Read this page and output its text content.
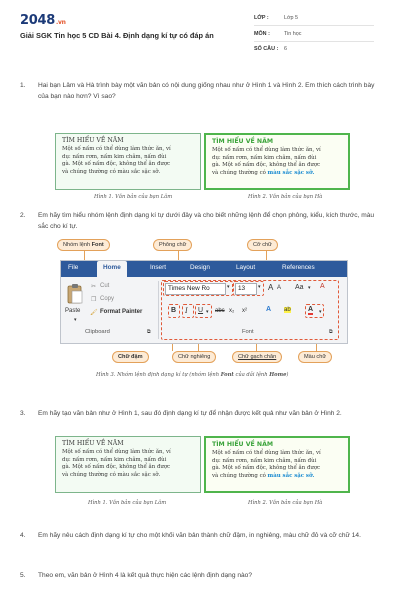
2048.vn
Giải SGK Tin học 5 CD Bài 4. Định dạng kí tự có đáp án
LỚP :	Lớp 5
MÔN :	Tin học
SỐ CÂU : 6
1. Hai bạn Lâm và Hà trình bày một văn bản có nội dung giống nhau như ở Hình 1 và Hình 2. Em thích cách trình bày của bạn nào hơn? Vì sao?
TÌM HIỂU VỀ NĂM
Một số nấm có thể dùng làm thức ăn, ví
dụ: nấm rơm, nấm kim châm, nấm đùi
gà. Một số nấm độc, không thể ăn được
và chúng thường có màu sắc sặc sỡ.
TÌM HIỂU VỀ NĂM
Một số nấm có thể dùng làm thức ăn, ví
dụ: nấm rơm, nấm kim châm, nấm đùi
gà. Một số nấm độc, không thể ăn được
và chúng thường có màu sắc sặc sỡ.
Hình 1. Văn bản của bạn Lâm	Hình 2. Văn bản của bạn Hà
2. Em hãy tìm hiểu nhóm lệnh định dạng kí tự dưới đây và cho biết những lệnh để chọn phông, kiểu, kích thước, màu sắc cho kí tự.
Nhóm lệnh Font	Phông chữ	Cỡ chữ
File	Home	Insert	Design	Layout	References
Paste
▾
✂ Cut
❐ Copy
🖌 Format Painter
Clipboard	⧉
Times New Ro	▾	13	▾ A A Aa ▾ A
B I U ▾ abc x₂ x²	A ab A ▾
Font	⧉
Chữ đậm	Chữ nghiêng	Chữ gạch chân	Màu chữ
Hình 3. Nhóm lệnh định dạng kí tự (nhóm lệnh Font của dải lệnh Home)
3. Em hãy tạo văn bản như ở Hình 1, sau đó định dạng kí tự để nhận được kết quả như văn bản ở Hình 2.
TÌM HIỂU VỀ NĂM
Một số nấm có thể dùng làm thức ăn, ví
dụ: nấm rơm, nấm kim châm, nấm đùi
gà. Một số nấm độc, không thể ăn được
và chúng thường có màu sắc sặc sỡ.
TÌM HIỂU VỀ NĂM
Một số nấm có thể dùng làm thức ăn, ví
dụ: nấm rơm, nấm kim châm, nấm đùi
gà. Một số nấm độc, không thể ăn được
và chúng thường có màu sắc sặc sỡ.
Hình 1. Văn bản của bạn Lâm	Hình 2. Văn bản của bạn Hà
4. Em hãy nêu cách định dạng kí tự cho một khối văn bản thành chữ đậm, in nghiêng, màu chữ đỏ và cỡ chữ 14.
5. Theo em, văn bản ở Hình 4 là kết quả thực hiện các lệnh định dạng nào?
